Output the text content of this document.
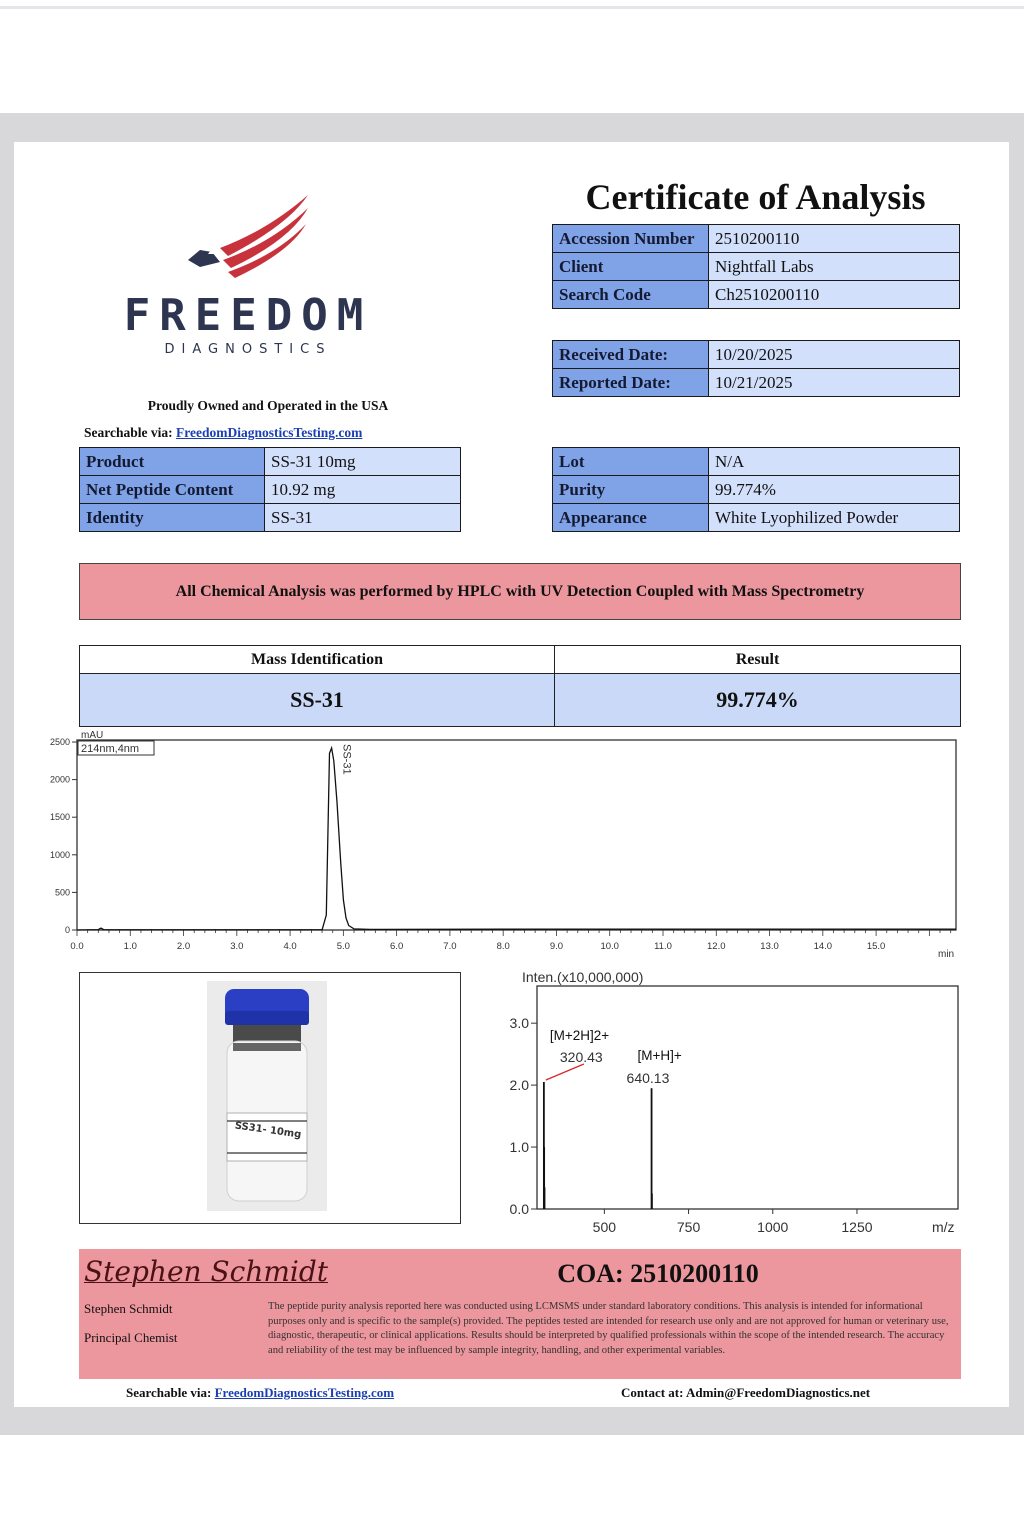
FREEDOM
DIAGNOSTICS
Proudly Owned and Operated in the USA
Searchable via: FreedomDiagnosticsTesting.com
Certificate of Analysis
Accession Number	2510200110
Client	Nightfall Labs
Search Code	Ch2510200110
Received Date:	10/20/2025
Reported Date:	10/21/2025
Product	SS-31 10mg
Net Peptide Content	10.92 mg
Identity	SS-31
Lot	N/A
Purity	99.774%
Appearance	White Lyophilized Powder
All Chemical Analysis was performed by HPLC with UV Detection Coupled with Mass Spectrometry
Mass Identification	Result
SS-31	99.774%
mAU
214nm,4nm
min
0
500
1000
1500
2000
2500
0.0	1.0	2.0	3.0	4.0	5.0	6.0	7.0	8.0	9.0	10.0	11.0	12.0	13.0	14.0	15.0
SS-31
SS31- 10mg
Inten.(x10,000,000)
m/z
0.0
1.0
2.0
3.0
500	750	1000	1250
[M+2H]2+
320.43	[M+H]+
640.13
Stephen Schmidt	COA: 2510200110
Stephen Schmidt
Principal Chemist
The peptide purity analysis reported here was conducted using LCMSMS under standard laboratory conditions. This analysis is intended for informational purposes only and is specific to the sample(s) provided. The peptides tested are intended for research use only and are not approved for human or veterinary use, diagnostic, therapeutic, or clinical applications. Results should be interpreted by qualified professionals within the scope of the intended research. The accuracy and reliability of the test may be influenced by sample integrity, handling, and other experimental variables.
Searchable via: FreedomDiagnosticsTesting.com	Contact at: Admin@FreedomDiagnostics.net
